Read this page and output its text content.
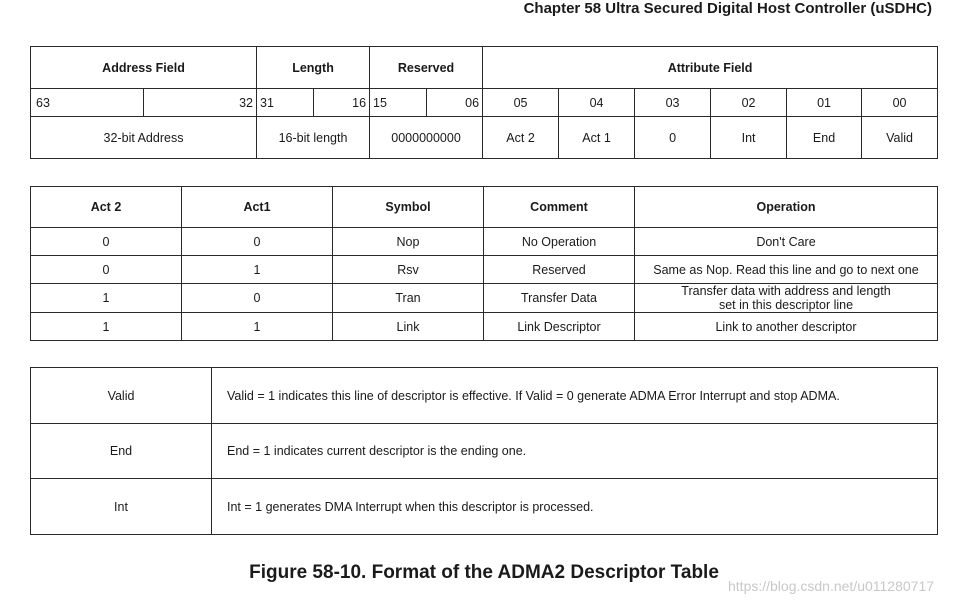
Chapter 58 Ultra Secured Digital Host Controller (uSDHC)
Address Field		Length		Reserved		Attribute Field					
63	32	31	16	15	06	05	04	03	02	01	00
32-bit Address		16-bit length		0000000000		Act 2	Act 1	0	Int	End	Valid
Act 2	Act1	Symbol	Comment	Operation
0	0	Nop	No Operation	Don't Care
0	1	Rsv	Reserved	Same as Nop. Read this line and go to next one
1	0	Tran	Transfer Data	Transfer data with address and length
set in this descriptor line

1	1	Link	Link Descriptor	Link to another descriptor
Valid	Valid = 1 indicates this line of descriptor is effective. If Valid = 0 generate ADMA Error Interrupt and stop ADMA.
End	End = 1 indicates current descriptor is the ending one.
Int	Int = 1 generates DMA Interrupt when this descriptor is processed.
Figure 58-10. Format of the ADMA2 Descriptor Table
https://blog.csdn.net/u011280717
